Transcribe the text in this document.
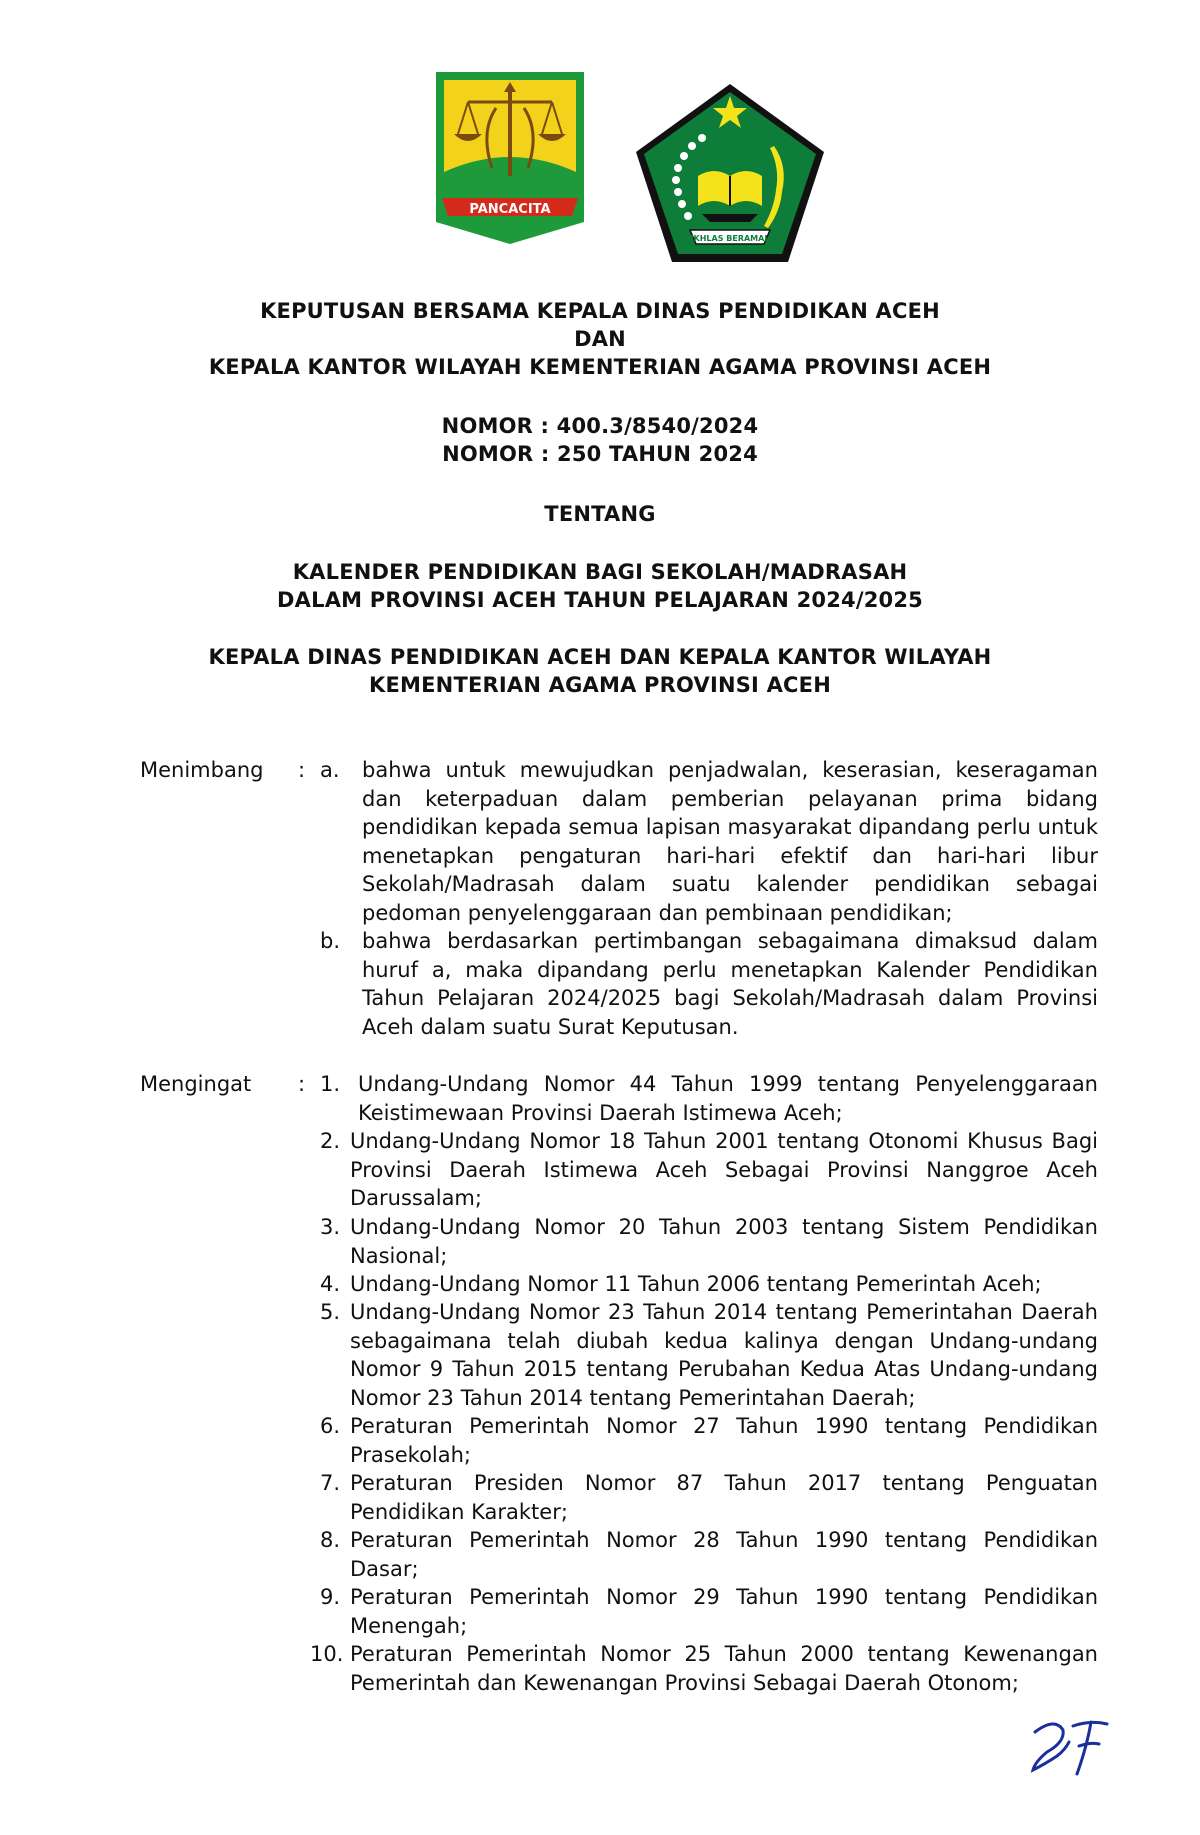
PANCACITA
IKHLAS BERAMAL
KEPUTUSAN BERSAMA KEPALA DINAS PENDIDIKAN ACEH
DAN
KEPALA KANTOR WILAYAH KEMENTERIAN AGAMA PROVINSI ACEH
NOMOR : 400.3/8540/2024
NOMOR : 250 TAHUN 2024
TENTANG
KALENDER PENDIDIKAN BAGI SEKOLAH/MADRASAH
DALAM PROVINSI ACEH TAHUN PELAJARAN 2024/2025
KEPALA DINAS PENDIDIKAN ACEH DAN KEPALA KANTOR WILAYAH
KEMENTERIAN AGAMA PROVINSI ACEH
Menimbang : a. bahwa untuk mewujudkan penjadwalan, keserasian, keseragaman dan keterpaduan dalam pemberian pelayanan prima bidang pendidikan kepada semua lapisan masyarakat dipandang perlu untuk menetapkan pengaturan hari-hari efektif dan hari-hari libur Sekolah/Madrasah dalam suatu kalender pendidikan sebagai pedoman penyelenggaraan dan pembinaan pendidikan;
b. bahwa berdasarkan pertimbangan sebagaimana dimaksud dalam huruf a, maka dipandang perlu menetapkan Kalender Pendidikan Tahun Pelajaran 2024/2025 bagi Sekolah/Madrasah dalam Provinsi Aceh dalam suatu Surat Keputusan.
Mengingat : 1. Undang-Undang Nomor 44 Tahun 1999 tentang Penyelenggaraan Keistimewaan Provinsi Daerah Istimewa Aceh;
2. Undang-Undang Nomor 18 Tahun 2001 tentang Otonomi Khusus Bagi Provinsi Daerah Istimewa Aceh Sebagai Provinsi Nanggroe Aceh Darussalam;
3. Undang-Undang Nomor 20 Tahun 2003 tentang Sistem Pendidikan Nasional;
4. Undang-Undang Nomor 11 Tahun 2006 tentang Pemerintah Aceh;
5. Undang-Undang Nomor 23 Tahun 2014 tentang Pemerintahan Daerah sebagaimana telah diubah kedua kalinya dengan Undang-undang Nomor 9 Tahun 2015 tentang Perubahan Kedua Atas Undang-undang Nomor 23 Tahun 2014 tentang Pemerintahan Daerah;
6. Peraturan Pemerintah Nomor 27 Tahun 1990 tentang Pendidikan Prasekolah;
7. Peraturan Presiden Nomor 87 Tahun 2017 tentang Penguatan Pendidikan Karakter;
8. Peraturan Pemerintah Nomor 28 Tahun 1990 tentang Pendidikan Dasar;
9. Peraturan Pemerintah Nomor 29 Tahun 1990 tentang Pendidikan Menengah;
10. Peraturan Pemerintah Nomor 25 Tahun 2000 tentang Kewenangan Pemerintah dan Kewenangan Provinsi Sebagai Daerah Otonom;
